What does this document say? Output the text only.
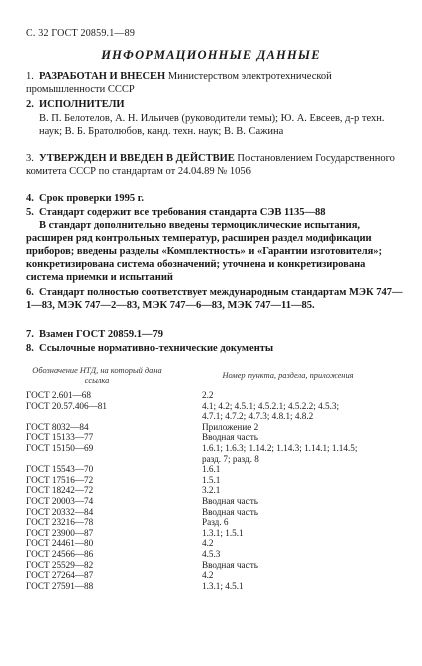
С. 32 ГОСТ 20859.1—89
ИНФОРМАЦИОННЫЕ ДАННЫЕ
1. РАЗРАБОТАН И ВНЕСЕН Министерством электротехнической промышленности СССР
2. ИСПОЛНИТЕЛИ
В. П. Белотелов, А. Н. Ильичев (руководители темы); Ю. А. Евсеев, д-р техн. наук; В. Б. Братолюбов, канд. техн. наук; В. В. Сажина
3. УТВЕРЖДЕН И ВВЕДЕН В ДЕЙСТВИЕ Постановлением Государственного комитета СССР по стандартам от 24.04.89 № 1056
4. Срок проверки 1995 г.
5. Стандарт содержит все требования стандарта СЭВ 1135—88
В стандарт дополнительно введены термоциклические испытания, расширен ряд контрольных температур, расширен раздел модификации приборов; введены разделы «Комплектность» и «Гарантии изготовителя»; конкретизирована система обозначений; уточнена и конкретизирована система приемки и испытаний
6. Стандарт полностью соответствует международным стандартам МЭК 747—1—83, МЭК 747—2—83, МЭК 747—6—83, МЭК 747—11—85.
7. Взамен ГОСТ 20859.1—79
8. Ссылочные нормативно-технические документы
Обозначение НТД, на который дана ссылка	Номер пункта, раздела, приложения
ГОСТ 2.601—68	2.2
ГОСТ 20.57.406—81	4.1; 4.2; 4.5.1; 4.5.2.1; 4.5.2.2; 4.5.3;
	4.7.1; 4.7.2; 4.7.3; 4.8.1; 4.8.2
ГОСТ 8032—84	Приложение 2
ГОСТ 15133—77	Вводная часть
ГОСТ 15150—69	1.6.1; 1.6.3; 1.14.2; 1.14.3; 1.14.1; 1.14.5;
	разд. 7; разд. 8
ГОСТ 15543—70	1.6.1
ГОСТ 17516—72	1.5.1
ГОСТ 18242—72	3.2.1
ГОСТ 20003—74	Вводная часть
ГОСТ 20332—84	Вводная часть
ГОСТ 23216—78	Разд. 6
ГОСТ 23900—87	1.3.1; 1.5.1
ГОСТ 24461—80	4.2
ГОСТ 24566—86	4.5.3
ГОСТ 25529—82	Вводная часть
ГОСТ 27264—87	4.2
ГОСТ 27591—88	1.3.1; 4.5.1
